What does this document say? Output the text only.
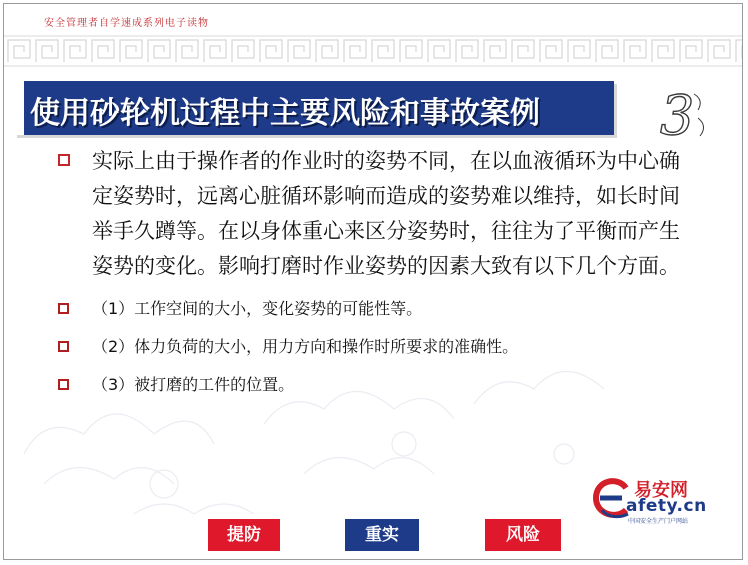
安全管理者自学速成系列电子读物
使用砂轮机过程中主要风险和事故案例 3
实际上由于操作者的作业时的姿势不同，在以血液循环为中心确定姿势时，远离心脏循环影响而造成的姿势难以维持，如长时间举手久蹲等。在以身体重心来区分姿势时，往往为了平衡而产生姿势的变化。影响打磨时作业姿势的因素大致有以下几个方面。
（1）工作空间的大小，变化姿势的可能性等。
（2）体力负荷的大小，用力方向和操作时所要求的准确性。
（3）被打磨的工件的位置。
易安网
afety.cn
中国安全生产门户网站
提防	重实	风险
